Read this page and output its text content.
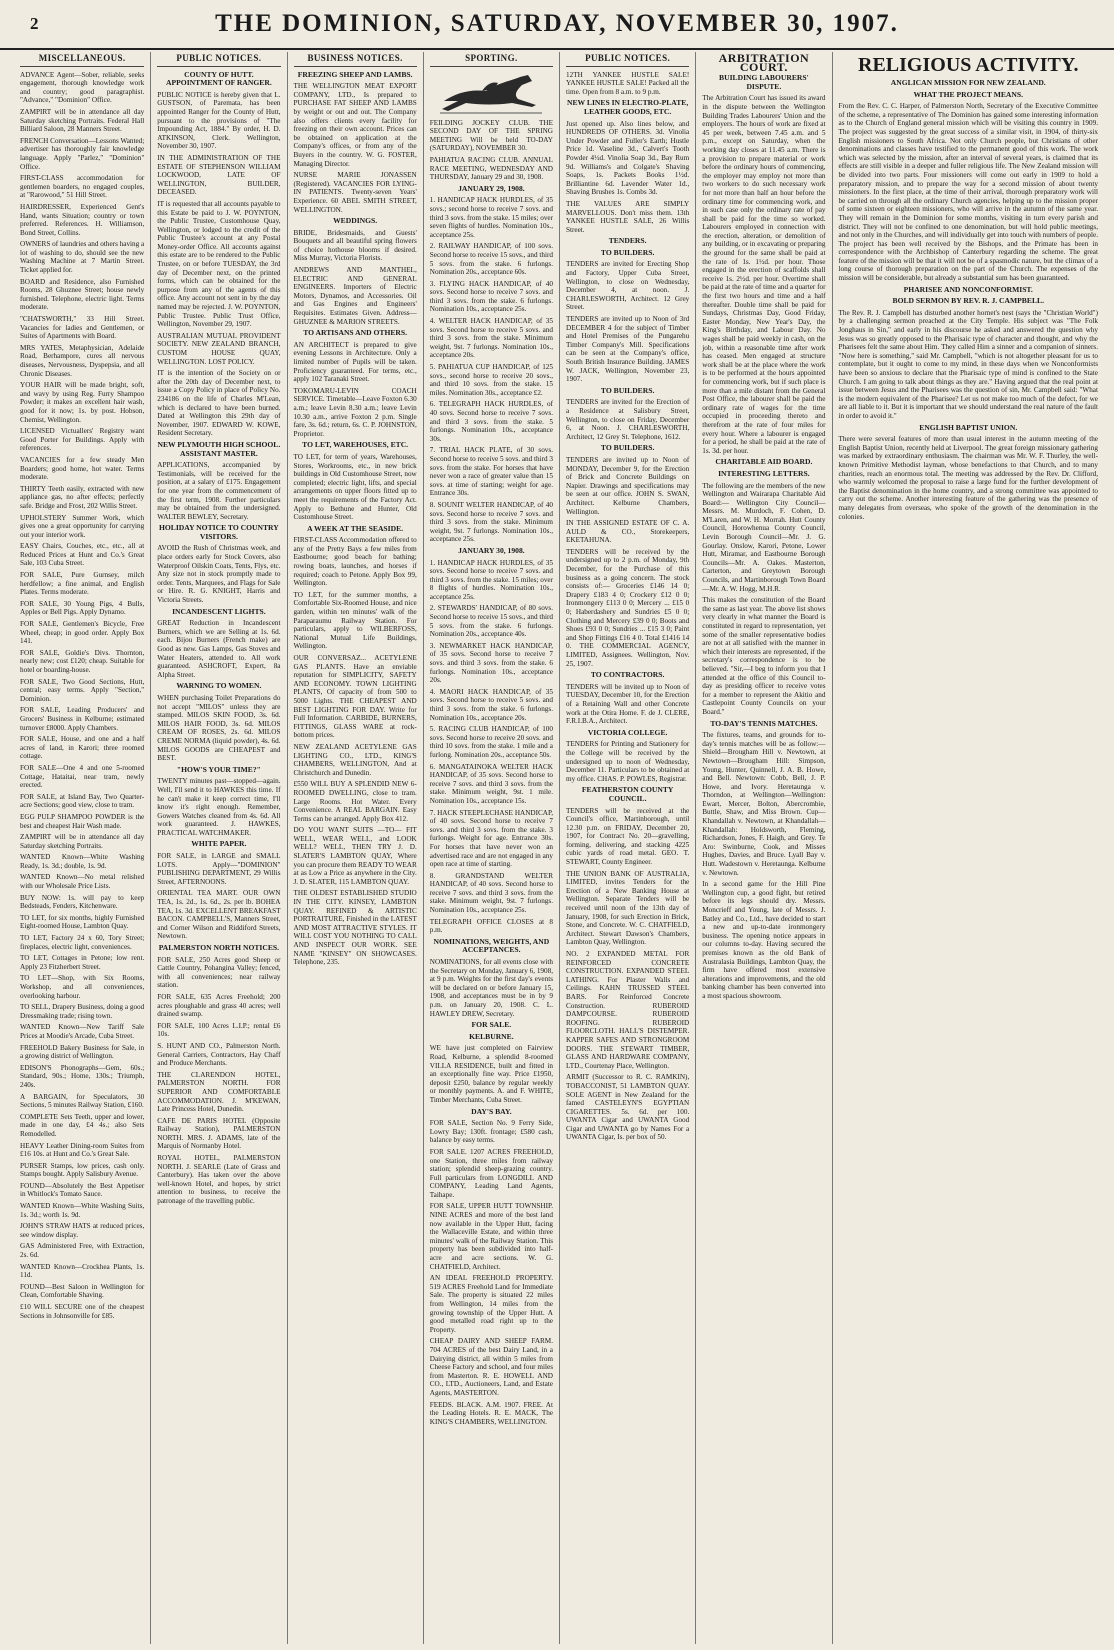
2	THE DOMINION, SATURDAY, NOVEMBER 30, 1907.
MISCELLANEOUS.

ADVANCE Agent—Sober, reliable, seeks engagement, thorough knowledge work and country; good paragraphist. "Advance," "Dominion" Office.

ZAMPIRT will be in attendance all day Saturday sketching Portraits. Federal Hall Billiard Saloon, 28 Manners Street.

FRENCH Conversation—Lessons Wanted; advertiser has thoroughly fair knowledge language. Apply "Parlez," "Dominion" Office.

FIRST-CLASS accommodation for gentlemen boarders, no engaged couples, at "Rarowood," 51 Hill Street.

HAIRDRESSER, Experienced Gent's Hand, wants Situation; country or town preferred. References. H. Williamson, Bond Street, Collins.

OWNERS of laundries and others having a lot of washing to do, should see the new Washing Machine at 7 Martin Street. Ticket applied for.

BOARD and Residence, also Furnished Rooms, 28 Ghuznee Street; house newly furnished. Telephone, electric light. Terms moderate.

"CHATSWORTH," 33 Hill Street. Vacancies for ladies and Gentlemen, or Suites of Apartments with Board.

MRS YATES, Metaphysician, Adelaide Road, Berhampore, cures all nervous diseases, Nervousness, Dyspepsia, and all Chronic Diseases.

YOUR HAIR will be made bright, soft, and wavy by using Reg. Furry Shampoo Powder; it makes an excellent hair wash, good for it now; 1s. by post. Hobson, Chemist, Wellington.

LICENSED Victuallers' Registry want Good Porter for Buildings. Apply with references.

VACANCIES for a few steady Men Boarders; good home, hot water. Terms moderate.

THIRTY Teeth easily, extracted with new appliance gas, no after effects; perfectly safe. Bridge and Frost, 202 Willis Street.

UPHOLSTERY Summer Work, which gives one a great opportunity for carrying out your interior work.

EASY Chairs, Couches, etc., etc., all at Reduced Prices at Hunt and Co.'s Great Sale, 103 Cuba Street.

FOR SALE, Pure Gurnsey, milch herdfellow; a fine animal, and English Plates. Terms moderate.

FOR SALE, 30 Young Pigs, 4 Bulls, Apples or Bell Pigs. Apply Dynamo.

FOR SALE, Gentlemen's Bicycle, Free Wheel, cheap; in good order. Apply Box 141.

FOR SALE, Goldie's Divs. Thornton, nearly new; cost £120; cheap. Suitable for hotel or boarding-house.

FOR SALE, Two Good Sections, Hutt, central; easy terms. Apply "Section," Dominion.

FOR SALE, Leading Producers' and Grocers' Business in Kelburne; estimated turnover £8000. Apply Chambers.

FOR SALE, House, and one and a half acres of land, in Karori; three roomed cottage.

FOR SALE—One 4 and one 5-roomed Cottage, Hataitai, near tram, newly erected.

FOR SALE, at Island Bay, Two Quarter-acre Sections; good view, close to tram.

EGG PULP SHAMPOO POWDER is the best and cheapest Hair Wash made.

ZAMPIRT will be in attendance all day Saturday sketching Portraits.

WANTED Known—White Washing Ready, 1s. 3d.; double, 1s. 9d.

WANTED Known—No metal relished with our Wholesale Price Lists.

BUY NOW: 1s. will pay to keep Bedsteads, Fenders, Kitchenware.

TO LET, for six months, highly Furnished Eight-roomed House, Lambton Quay.

TO LET, Factory 24 x 60, Tory Street; fireplaces, electric light, conveniences.

TO LET, Cottages in Petone; low rent. Apply 23 Fitzherbert Street.

TO LET—Shop, with Six Rooms, Workshop, and all conveniences, overlooking harbour.

TO SELL, Drapery Business, doing a good Dressmaking trade; rising town.

WANTED Known—New Tariff Sale Prices at Moodie's Arcade, Cuba Street.

FREEHOLD Bakery Business for Sale, in a growing district of Wellington.

EDISON'S Phonographs—Gem, 60s.; Standard, 90s.; Home, 130s.; Triumph, 240s.

A BARGAIN, for Speculators, 30 Sections, 5 minutes Railway Station, £160.

COMPLETE Sets Teeth, upper and lower, made in one day, £4 4s.; also Sets Remodelled.

HEAVY Leather Dining-room Suites from £16 10s. at Hunt and Co.'s Great Sale.

PURSER Stamps, low prices, cash only. Stamps bought. Apply Salisbury Avenue.

FOUND—Absolutely the Best Appetiser in Whitlock's Tomato Sauce.

WANTED Known—White Washing Suits, 1s. 3d.; worth 1s. 9d.

JOHN'S STRAW HATS at reduced prices, see window display.

GAS Administered Free, with Extraction, 2s. 6d.

WANTED Known—Crockhea Plants, 1s. 11d.

FOUND—Best Saloon in Wellington for Clean, Comfortable Shaving.

£10 WILL SECURE one of the cheapest Sections in Johnsonville for £85.

PUBLIC NOTICES.
COUNTY OF HUTT. APPOINTMENT OF RANGER.

PUBLIC NOTICE is hereby given that L. GUSTSON, of Paremata, has been appointed Ranger for the County of Hutt, pursuant to the provisions of "The Impounding Act, 1884." By order, H. D. ATKINSON, Clerk. Wellington, November 30, 1907.

IN THE ADMINISTRATION OF THE ESTATE OF STEPHENSON WILLIAM LOCKWOOD, LATE OF WELLINGTON, BUILDER, DECEASED.

IT is requested that all accounts payable to this Estate be paid to J. W. POYNTON, the Public Trustee, Customhouse Quay, Wellington, or lodged to the credit of the Public Trustee's account at any Postal Money-order Office. All accounts against this estate are to be rendered to the Public Trustee, on or before TUESDAY, the 3rd day of December next, on the printed forms, which can be obtained for the purpose from any of the agents of this office. Any account not sent in by the day named may be rejected. J. W. POYNTON, Public Trustee. Public Trust Office, Wellington, November 29, 1907.

AUSTRALIAN MUTUAL PROVIDENT SOCIETY. NEW ZEALAND BRANCH, CUSTOM HOUSE QUAY, WELLINGTON. LOST POLICY.

IT is the intention of the Society on or after the 20th day of December next, to issue a Copy Policy in place of Policy No. 234186 on the life of Charles M'Lean, which is declared to have been burned. Dated at Wellington this 29th day of November, 1907. EDWARD W. KOWE, Resident Secretary.

NEW PLYMOUTH HIGH SCHOOL. ASSISTANT MASTER.

APPLICATIONS, accompanied by Testimonials, will be received for the position, at a salary of £175. Engagement for one year from the commencement of the first term, 1908. Further particulars may be obtained from the undersigned. WALTER BEWLEY, Secretary.

HOLIDAY NOTICE TO COUNTRY VISITORS.

AVOID the Rush of Christmas week, and place orders early for Stock Covers, also Waterproof Oilskin Coats, Tents, Flys, etc. Any size not in stock promptly made to order. Tents, Marquees, and Flags for Sale or Hire. R. G. KNIGHT, Harris and Victoria Streets.

INCANDESCENT LIGHTS.

GREAT Reduction in Incandescent Burners, which we are Selling at 1s. 6d. each. Bijou Burners (French make) are Good as new. Gas Lamps, Gas Stoves and Water Heaters, attended to. All work guaranteed. ASHCROFT, Expert, 8a Alpha Street.

WARNING TO WOMEN.

WHEN purchasing Toilet Preparations do not accept "MILOS" unless they are stamped. MILOS SKIN FOOD, 3s. 6d. MILOS HAIR FOOD, 3s. 6d. MILOS CREAM OF ROSES, 2s. 6d. MILOS CREME NORMA (liquid powder), 4s. 6d. MILOS GOODS are CHEAPEST and BEST.

"HOW'S YOUR TIME?"

TWENTY minutes past—stopped—again. Well, I'll send it to HAWKES this time. If he can't make it keep correct time, I'll know it's right enough. Remember, Gowers Watches cleaned from 4s. 6d. All work guaranteed. J. HAWKES, PRACTICAL WATCHMAKER.

WHITE PAPER.

FOR SALE, in LARGE and SMALL LOTS. Apply—"DOMINION" PUBLISHING DEPARTMENT, 29 Willis Street, AFTERNOONS.

ORIENTAL TEA MART. OUR OWN TEA, 1s. 2d., 1s. 6d., 2s. per lb. BOHEA TEA, 1s. 3d. EXCELLENT BREAKFAST BACON. CAMPBELL'S, Manners Street, and Corner Wilson and Riddiford Streets, Newtown.

PALMERSTON NORTH NOTICES.

FOR SALE, 250 Acres good Sheep or Cattle Country, Pohangina Valley; fenced, with all conveniences; near railway station.

FOR SALE, 635 Acres Freehold; 200 acres ploughable and grass 40 acres; well drained swamp.

FOR SALE, 100 Acres L.I.P.; rental £6 10s.

S. HUNT AND CO., Palmerston North. General Carriers, Contractors, Hay Chaff and Produce Merchants.

THE CLARENDON HOTEL, PALMERSTON NORTH. FOR SUPERIOR AND COMFORTABLE ACCOMMODATION. J. M'KEWAN, Late Princess Hotel, Dunedin.

CAFE DE PARIS HOTEL (Opposite Railway Station), PALMERSTON NORTH. MRS. J. ADAMS, late of the Marquis of Normanby Hotel.

ROYAL HOTEL, PALMERSTON NORTH. J. SEARLE (Late of Grass and Canterbury). Has taken over the above well-known Hotel, and hopes, by strict attention to business, to receive the patronage of the travelling public.

BUSINESS NOTICES.
FREEZING SHEEP AND LAMBS.

THE WELLINGTON MEAT EXPORT COMPANY, LTD., Is prepared to PURCHASE FAT SHEEP AND LAMBS by weight or out and out. The Company also offers clients every facility for freezing on their own account. Prices can be obtained on application at the Company's offices, or from any of the Buyers in the country. W. G. FOSTER, Managing Director.

NURSE MARIE JONASSEN (Registered). VACANCIES FOR LYING-IN PATIENTS. Twenty-seven Years' Experience. 60 ABEL SMITH STREET, WELLINGTON.

WEDDINGS.

BRIDE, Bridesmaids, and Guests' Bouquets and all beautiful spring flowers of choice hothouse blooms if desired. Miss Murray, Victoria Florists.

ANDREWS AND MANTHEL, ELECTRIC AND GENERAL ENGINEERS. Importers of Electric Motors, Dynamos, and Accessories. Oil and Gas Engines and Engineers' Requisites. Estimates Given. Address—GHUZNEE & MARION STREETS.

TO ARTISANS AND OTHERS.

AN ARCHITECT is prepared to give evening Lessons in Architecture. Only a limited number of Pupils will be taken. Proficiency guaranteed. For terms, etc., apply 102 Taranaki Street.

TOKOMARU-LEVIN COACH SERVICE. Timetable—Leave Foxton 6.30 a.m.; leave Levin 8.30 a.m.; leave Levin 10.30 a.m., arrive Foxton 2 p.m. Single fare, 3s. 6d.; return, 6s. C. P. JOHNSTON, Proprietor.

TO LET, WAREHOUSES, ETC.

TO LET, for term of years, Warehouses, Stores, Workrooms, etc., in new brick buildings in Old Customhouse Street, now completed; electric light, lifts, and special arrangements on upper floors fitted up to meet the requirements of the Factory Act. Apply to Bethune and Hunter, Old Customhouse Street.

A WEEK AT THE SEASIDE.

FIRST-CLASS Accommodation offered to any of the Pretty Bays a few miles from Eastbourne; good beach for bathing; rowing boats, launches, and horses if required; coach to Petone. Apply Box 99, Wellington.

TO LET, for the summer months, a Comfortable Six-Roomed House, and nice garden, within ten minutes' walk of the Paraparaumu Railway Station. For particulars, apply to WILBERFOSS, National Mutual Life Buildings, Wellington.

OUR CONVERSAZ... ACETYLENE GAS PLANTS. Have an enviable reputation for SIMPLICITY, SAFETY AND ECONOMY. TOWN LIGHTING PLANTS, Of capacity of from 500 to 5000 Lights. THE CHEAPEST AND BEST LIGHTING FOR DAY. Write for Full Information. CARBIDE, BURNERS, FITTINGS, GLASS WARE at rock-bottom prices.

NEW ZEALAND ACETYLENE GAS LIGHTING CO., LTD., KING'S CHAMBERS, WELLINGTON, And at Christchurch and Dunedin.

£550 WILL BUY A SPLENDID NEW 6-ROOMED DWELLING, close to tram. Large Rooms. Hot Water. Every Convenience. A REAL BARGAIN. Easy Terms can be arranged. Apply Box 412.

DO YOU WANT SUITS —TO— FIT WELL, WEAR WELL, and LOOK WELL? WELL, THEN TRY J. D. SLATER'S LAMBTON QUAY, Where you can procure them READY TO WEAR at as Low a Price as anywhere in the City. J. D. SLATER, 115 LAMBTON QUAY.

THE OLDEST ESTABLISHED STUDIO IN THE CITY. KINSEY, LAMBTON QUAY. REFINED & ARTISTIC PORTRAITURE, Finished in the LATEST AND MOST ATTRACTIVE STYLES. IT WILL COST YOU NOTHING TO CALL AND INSPECT OUR WORK. SEE NAME "KINSEY" ON SHOWCASES. Telephone, 235.

SPORTING.

FEILDING JOCKEY CLUB. THE SECOND DAY OF THE SPRING MEETING Will be held TO-DAY (SATURDAY), NOVEMBER 30.

PAHIATUA RACING CLUB. ANNUAL RACE MEETING, WEDNESDAY AND THURSDAY, January 29 and 30, 1908.

JANUARY 29, 1908.

1. HANDICAP HACK HURDLES, of 35 sovs.; second horse to receive 7 sovs. and third 3 sovs. from the stake. 15 miles; over seven flights of hurdles. Nomination 10s., acceptance 25s.

2. RAILWAY HANDICAP, of 100 sovs. Second horse to receive 15 sovs., and third 5 sovs. from the stake. 6 furlongs. Nomination 20s., acceptance 60s.

3. FLYING HACK HANDICAP, of 40 sovs. Second horse to receive 7 sovs. and third 3 sovs. from the stake. 6 furlongs. Nomination 10s., acceptance 25s.

4. WELTER HACK HANDICAP, of 35 sovs. Second horse to receive 5 sovs. and third 3 sovs. from the stake. Minimum weight, 9st. 7 furlongs. Nomination 10s., acceptance 20s.

5. PAHIATUA CUP HANDICAP, of 125 sovs., second horse to receive 20 sovs., and third 10 sovs. from the stake. 15 miles. Nomination 30s., acceptance £2.

6. TELEGRAPH HACK HURDLES, of 40 sovs. Second horse to receive 7 sovs. and third 3 sovs. from the stake. 5 furlongs. Nomination 10s., acceptance 30s.

7. TRIAL HACK PLATE, of 30 sovs. Second horse to receive 5 sovs. and third 3 sovs. from the stake. For horses that have never won a race of greater value than 15 sovs. at time of starting; weight for age. Entrance 30s.

8. SOUNIT WELTER HANDICAP, of 40 sovs. Second horse to receive 7 sovs. and third 3 sovs. from the stake. Minimum weight, 9st. 7 furlongs. Nomination 10s., acceptance 25s.

JANUARY 30, 1908.

1. HANDICAP HACK HURDLES, of 35 sovs. Second horse to receive 7 sovs. and third 3 sovs. from the stake. 15 miles; over 8 flights of hurdles. Nomination 10s., acceptance 25s.

2. STEWARDS' HANDICAP, of 80 sovs. Second horse to receive 15 sovs., and third 5 sovs. from the stake. 6 furlongs. Nomination 20s., acceptance 40s.

3. NEWMARKET HACK HANDICAP, of 35 sovs. Second horse to receive 7 sovs. and third 3 sovs. from the stake. 6 furlongs. Nomination 10s., acceptance 20s.

4. MAORI HACK HANDICAP, of 35 sovs. Second horse to receive 5 sovs. and third 3 sovs. from the stake. 6 furlongs. Nomination 10s., acceptance 20s.

5. RACING CLUB HANDICAP, of 100 sovs. Second horse to receive 20 sovs. and third 10 sovs. from the stake. 1 mile and a furlong. Nomination 20s., acceptance 50s.

6. MANGATAINOKA WELTER HACK HANDICAP, of 35 sovs. Second horse to receive 7 sovs. and third 3 sovs. from the stake. Minimum weight, 9st. 1 mile. Nomination 10s., acceptance 15s.

7. HACK STEEPLECHASE HANDICAP, of 40 sovs. Second horse to receive 7 sovs. and third 3 sovs. from the stake. 3 furlongs. Weight for age. Entrance 30s. For horses that have never won an advertised race and are not engaged in any open race at time of starting.

8. GRANDSTAND WELTER HANDICAP, of 40 sovs. Second horse to receive 7 sovs. and third 3 sovs. from the stake. Minimum weight, 9st. 7 furlongs. Nomination 10s., acceptance 25s.

TELEGRAPH OFFICE CLOSES at 8 p.m.

NOMINATIONS, WEIGHTS, AND ACCEPTANCES.

NOMINATIONS, for all events close with the Secretary on Monday, January 6, 1908, at 9 p.m. Weights for the first day's events will be declared on or before January 15, 1908, and acceptances must be in by 9 p.m. on January 20, 1908. C. L. HAWLEY DREW, Secretary.

FOR SALE.
KELBURNE.

WE have just completed on Fairview Road, Kelburne, a splendid 8-roomed VILLA RESIDENCE, built and fitted in an exceptionally fine way. Price £1950, deposit £250, balance by regular weekly or monthly payments. A. and F. WHITE, Timber Merchants, Cuba Street.

DAY'S BAY.

FOR SALE, Section No. 9 Ferry Side, Lowry Bay; 130ft. frontage; £580 cash, balance by easy terms.

FOR SALE. 1207 ACRES FREEHOLD, one Station, three miles from railway station; splendid sheep-grazing country. Full particulars from LONGDILL AND COMPANY, Leading Land Agents, Taihape.

FOR SALE, UPPER HUTT TOWNSHIP. NINE ACRES and more of the best land now available in the Upper Hutt, facing the Wallaceville Estate, and within three minutes' walk of the Railway Station. This property has been subdivided into half-acre and acre sections. W. G. CHATFIELD, Architect.

AN IDEAL FREEHOLD PROPERTY. 519 ACRES Freehold Land for Immediate Sale. The property is situated 22 miles from Wellington, 14 miles from the growing township of the Upper Hutt. A good metalled road right up to the Property.

CHEAP DAIRY AND SHEEP FARM. 704 ACRES of the best Dairy Land, in a Dairying district, all within 5 miles from Cheese Factory and school, and four miles from Masterton. R. E. HOWELL AND CO., LTD., Auctioneers, Land, and Estate Agents, MASTERTON.

FEEDS. BLACK. A.M. 1907. FREE. At the Leading Hotels. R. E. MACK, The KING'S CHAMBERS, WELLINGTON.

PUBLIC NOTICES.

12TH YANKEE HUSTLE SALE! YANKEE HUSTLE SALE! Packed all the time. Open from 8 a.m. to 9 p.m.

NEW LINES IN ELECTRO-PLATE, LEATHER GOODS, ETC.

Just opened up. Also lines below, and HUNDREDS OF OTHERS. 3d. Vinolia Under Powder and Fuller's Earth; Hustle Price 1d. Vaseline 3d., Calvert's Tooth Powder 4½d. Vinolia Soap 3d., Bay Rum 9d. Williams's and Colgate's Shaving Soaps, 1s. Packets Books 1½d. Brilliantine 6d. Lavender Water 1d., Shaving Brushes 1s. Combs 3d.

THE VALUES ARE SIMPLY MARVELLOUS. Don't miss them. 13th YANKEE HUSTLE SALE, 26 Willis Street.

TENDERS.
TO BUILDERS.

TENDERS are invited for Erecting Shop and Factory, Upper Cuba Street, Wellington, to close on Wednesday, December 4, at noon. J. CHARLESWORTH, Architect. 12 Grey Street.

TENDERS are invited up to Noon of 3rd DECEMBER 4 for the subject of Timber and Hotel Premises of the Pungarehu Timber Company's Mill. Specifications can be seen at the Company's office, South British Insurance Building. JAMES W. JACK, Wellington, November 23, 1907.

TO BUILDERS.

TENDERS are invited for the Erection of a Residence at Salisbury Street, Wellington, to close on Friday, December 6, at Noon. J. CHARLESWORTH, Architect, 12 Grey St. Telephone, 1612.

TO BUILDERS.

TENDERS are invited up to Noon of MONDAY, December 9, for the Erection of Brick and Concrete Buildings on Napier. Drawings and specifications may be seen at our office. JOHN S. SWAN, Architect. Kelburne Chambers, Wellington.

IN THE ASSIGNED ESTATE OF C. A. AULD & CO., Storekeepers, EKETAHUNA.

TENDERS will be received by the undersigned up to 2 p.m. of Monday, 9th December, for the Purchase of this business as a going concern. The stock consists of:— Groceries £146 14 0; Drapery £183 4 0; Crockery £12 0 0; Ironmongery £113 0 0; Mercery ... £15 0 0; Haberdashery and Sundries £5 0 0; Clothing and Mercery £39 0 0; Boots and Shoes £93 0 0; Sundries ... £15 3 0; Paint and Shop Fittings £16 4 0. Total £1416 14 0. THE COMMERCIAL AGENCY, LIMITED, Assignees. Wellington, Nov. 25, 1907.

TO CONTRACTORS.

TENDERS will be invited up to Noon of TUESDAY, December 10, for the Erection of a Retaining Wall and other Concrete work at the Otira Home. F. de J. CLERE, F.R.I.B.A., Architect.

VICTORIA COLLEGE.

TENDERS for Printing and Stationery for the College will be received by the undersigned up to noon of Wednesday, December 11. Particulars to be obtained at my office. CHAS. P. POWLES, Registrar.

FEATHERSTON COUNTY COUNCIL.

TENDERS will be received at the Council's office, Martinborough, until 12.30 p.m. on FRIDAY, December 20, 1907, for Contract No. 20—gravelling, forming, delivering, and stacking 4225 cubic yards of road metal. GEO. T. STEWART, County Engineer.

THE UNION BANK OF AUSTRALIA, LIMITED, invites Tenders for the Erection of a New Banking House at Wellington. Separate Tenders will be received until noon of the 13th day of January, 1908, for such Erection in Brick, Stone, and Concrete. W. C. CHATFIELD, Architect. Stewart Dawson's Chambers, Lambton Quay, Wellington.

NO. 2 EXPANDED METAL FOR REINFORCED CONCRETE CONSTRUCTION. EXPANDED STEEL LATHING. For Plaster Walls and Ceilings. KAHN TRUSSED STEEL BARS. For Reinforced Concrete Construction. RUBEROID DAMPCOURSE. RUBEROID ROOFING. RUBEROID FLOORCLOTH. HALL'S DISTEMPER. KAPPER SAFES AND STRONGROOM DOORS. THE STEWART TIMBER, GLASS AND HARDWARE COMPANY, LTD., Courtenay Place, Wellington.

ARMIT (Successor to R. C. RAMKIN), TOBACCONIST, 51 LAMBTON QUAY. SOLE AGENT in New Zealand for the famed CASTELEYN'S EGYPTIAN CIGARETTES. 5s. 6d. per 100. UWANTA Cigar and UWANTA Good Cigar and UWANTA go by Names For a UWANTA Cigar, Is. per box of 50.

ARBITRATION COURT.
BUILDING LABOURERS' DISPUTE.

The Arbitration Court has issued its award in the dispute between the Wellington Building Trades Labourers' Union and the employers. The hours of work are fixed at 45 per week, between 7.45 a.m. and 5 p.m., except on Saturday, when the working day closes at 11.45 a.m. There is a provision to prepare material or work before the ordinary hours of commencing, the employer may employ not more than two workers to do such necessary work for not more than half an hour before the ordinary time for commencing work, and in such case only the ordinary rate of pay shall be paid for the time so worked. Labourers employed in connection with the erection, alteration, or demolition of any building, or in excavating or preparing the ground for the same shall be paid at the rate of 1s. 1½d. per hour. Those engaged in the erection of scaffolds shall receive 1s. 2½d. per hour. Overtime shall be paid at the rate of time and a quarter for the first two hours and time and a half thereafter. Double time shall be paid for Sundays, Christmas Day, Good Friday, Easter Monday, New Year's Day, the King's Birthday, and Labour Day. No wages shall be paid weekly in cash, on the job, within a reasonable time after work has ceased. Men engaged at structure work shall be at the place where the work is to be performed at the hours appointed for commencing work, but if such place is more than a mile distant from the General Post Office, the labourer shall be paid the ordinary rate of wages for the time occupied in proceeding thereto and therefrom at the rate of four miles for every hour. Where a labourer is engaged for a period, he shall be paid at the rate of 1s. 3d. per hour.

CHARITABLE AID BOARD.
INTERESTING LETTERS.

The following are the members of the new Wellington and Wairarapa Charitable Aid Board:— Wellington City Council—Messrs. M. Murdoch, F. Cohen, D. M'Laren, and W. H. Morrah. Hutt County Council, Horowhenua County Council, Levin Borough Council—Mr. J. G. Gourlay. Onslow, Karori, Petone, Lower Hutt, Miramar, and Eastbourne Borough Councils—Mr. A. Oakes. Masterton, Carterton, and Greytown Borough Councils, and Martinborough Town Board—Mr. A. W. Hogg, M.H.R.

This makes the constitution of the Board the same as last year. The above list shows very clearly in what manner the Board is constituted in regard to representation, yet some of the smaller representative bodies are not at all satisfied with the manner in which their interests are represented, if the secretary's correspondence is to be believed. "Sir,—I beg to inform you that I attended at the office of this Council to-day as presiding officer to receive votes for a member to represent the Akitio and Castlepoint County Councils on your Board."

TO-DAY'S TENNIS MATCHES.

The fixtures, teams, and grounds for to-day's tennis matches will be as follow:— Shield—Brougham Hill v. Newtown, at Newtown—Brougham Hill: Simpson, Young, Hunter, Quinnell, J. A. B. Howe, and Bell. Newtown: Cobb, Bell, J. P. Howe, and Ivory. Heretaunga v. Thorndon, at Wellington—Wellington: Ewart, Mercer, Bolton, Abercrombie, Buttle, Shaw, and Miss Brown. Cup—Khandallah v. Newtown, at Khandallah—Khandallah: Holdsworth, Fleming, Richardson, Jones, F. Haigh, and Grey. Te Aro: Swinburne, Cook, and Misses Hughes, Davies, and Bruce. Lyall Bay v. Hutt. Wadestown v. Heretaunga. Kelburne v. Newtown.

In a second game for the Hill Pine Wellington cup, a good fight, but retired before its legs should dry. Messrs. Moncrieff and Young, late of Messrs. J. Batley and Co., Ltd., have decided to start a new and up-to-date ironmongery business. The opening notice appears in our columns to-day. Having secured the premises known as the old Bank of Australasia Buildings, Lambton Quay, the firm have offered most extensive alterations and improvements, and the old banking chamber has been converted into a most spacious showroom.

RELIGIOUS ACTIVITY.
ANGLICAN MISSION FOR NEW ZEALAND.
WHAT THE PROJECT MEANS.

From the Rev. C. C. Harper, of Palmerston North, Secretary of the Executive Committee of the scheme, a representative of The Dominion has gained some interesting information as to the Church of England general mission which will be visiting this country in 1909. The project was suggested by the great success of a similar visit, in 1904, of thirty-six English missioners to South Africa. Not only Church people, but Christians of other denominations and classes have testified to the permanent good of this work. The work which was selected by the mission, after an interval of several years, is claimed that its effects are still visible in a deeper and fuller religious life. The New Zealand mission will be divided into two parts. Four missioners will come out early in 1909 to hold a preparatory mission, and to prepare the way for a second mission of about twenty missioners. In the first place, at the time of their arrival, thorough preparatory work will be carried on through all the ordinary Church agencies, helping up to the mission proper of some sixteen or eighteen missioners, who will arrive in the autumn of the same year. They will remain in the Dominion for some months, visiting in turn every parish and district. They will not be confined to one denomination, but will hold public meetings, and not only in the Churches, and will individually get into touch with numbers of people. The project has been well received by the Bishops, and the Primate has been in correspondence with the Archbishop of Canterbury regarding the scheme. The great feature of the mission will be that it will not be of a spasmodic nature, but the climax of a long course of thorough preparation on the part of the Church. The expenses of the mission will be considerable, but already a substantial sum has been guaranteed.

PHARISEE AND NONCONFORMIST.
BOLD SERMON BY REV. R. J. CAMPBELL.

The Rev. R. J. Campbell has disturbed another hornet's nest (says the "Christian World") by a challenging sermon preached at the City Temple. His subject was "The Folk Jonghaus in Sin," and early in his discourse he asked and answered the question why Jesus was so greatly opposed to the Pharisaic type of character and thought, and why the Pharisees felt the same about Him. They called Him a sinner and a companion of sinners. "Now here is something," said Mr. Campbell, "which is not altogether pleasant for us to contemplate, but it ought to come to my mind, in these days when we Nonconformists have been so anxious to declare that the Pharisaic type of mind is confined to the State Church. I am going to talk about things as they are." Having argued that the real point at issue between Jesus and the Pharisees was the question of sin, Mr. Campbell said: "What is the modern equivalent of the Pharisee? Let us not make too much of the defect, for we are all liable to it. But it is important that we should understand the real nature of the fault in order to avoid it."

ENGLISH BAPTIST UNION.

There were several features of more than usual interest in the autumn meeting of the English Baptist Union, recently held at Liverpool. The great foreign missionary gathering was marked by extraordinary enthusiasm. The chairman was Mr. W. F. Thurley, the well-known Primitive Methodist layman, whose benefactions to that Church, and to many charities, reach an enormous total. The meeting was addressed by the Rev. Dr. Clifford, who warmly welcomed the proposal to raise a large fund for the further development of the Baptist denomination in the home country, and a strong committee was appointed to carry out the scheme. Another interesting feature of the gathering was the presence of many delegates from overseas, who spoke of the growth of the denomination in the colonies.
